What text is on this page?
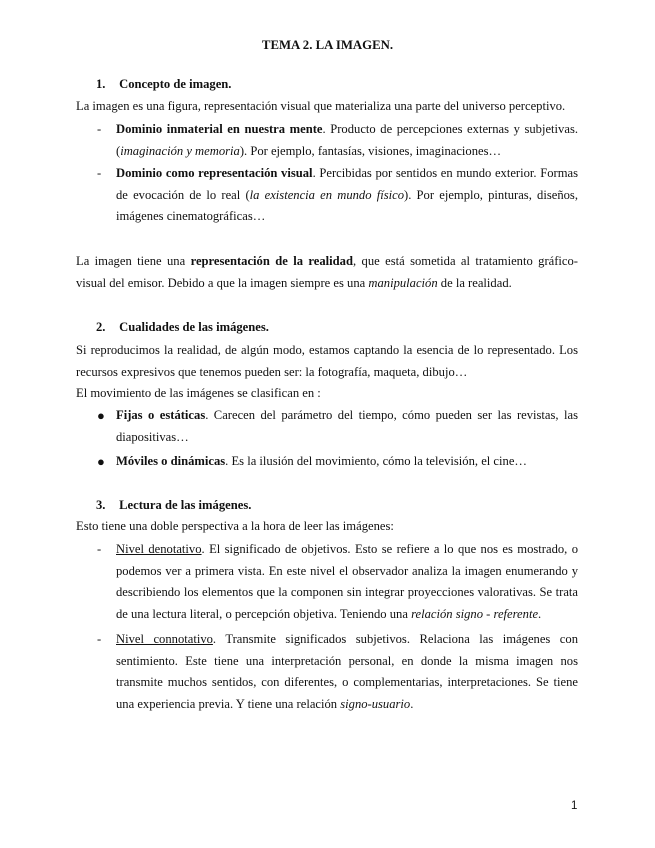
TEMA 2. LA IMAGEN.
1. Concepto de imagen.
La imagen es una figura, representación visual que materializa una parte del universo perceptivo.
-	Dominio inmaterial en nuestra mente. Producto de percepciones externas y subjetivas. (imaginación y memoria). Por ejemplo, fantasías, visiones, imaginaciones…
-	Dominio como representación visual. Percibidas por sentidos en mundo exterior. Formas de evocación de lo real (la existencia en mundo físico). Por ejemplo, pinturas, diseños, imágenes cinematográficas…
La imagen tiene una representación de la realidad, que está sometida al tratamiento gráfico-visual del emisor. Debido a que la imagen siempre es una manipulación de la realidad.
2. Cualidades de las imágenes.
Si reproducimos la realidad, de algún modo, estamos captando la esencia de lo representado. Los recursos expresivos que tenemos pueden ser: la fotografía, maqueta, dibujo…
El movimiento de las imágenes se clasifican en :
● Fijas o estáticas. Carecen del parámetro del tiempo, cómo pueden ser las revistas, las diapositivas…
● Móviles o dinámicas. Es la ilusión del movimiento, cómo la televisión, el cine…
3. Lectura de las imágenes.
Esto tiene una doble perspectiva a la hora de leer las imágenes:
-	Nivel denotativo. El significado de objetivos. Esto se refiere a lo que nos es mostrado, o podemos ver a primera vista. En este nivel el observador analiza la imagen enumerando y describiendo los elementos que la componen sin integrar proyecciones valorativas. Se trata de una lectura literal, o percepción objetiva. Teniendo una relación signo - referente.
-	Nivel connotativo. Transmite significados subjetivos. Relaciona las imágenes con sentimiento. Este tiene una interpretación personal, en donde la misma imagen nos transmite muchos sentidos, con diferentes, o complementarias, interpretaciones. Se tiene una experiencia previa. Y tiene una relación signo-usuario.
1
